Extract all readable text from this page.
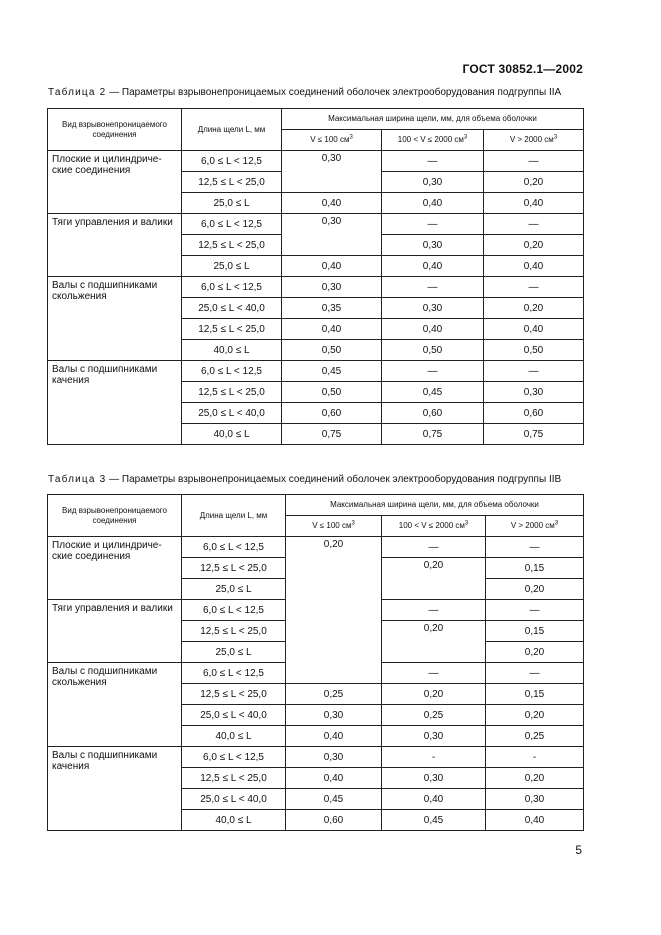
ГОСТ 30852.1—2002
Таблица 2 — Параметры взрывонепроницаемых соединений оболочек электрооборудования подгруппы IIA
Вид взрывонепроницаемого соединения	Длина щели L, мм	Максимальная ширина щели, мм, для объема оболочки		
		V ≤ 100 $см^3$	100 < V ≤ 2000 $см^3$	V > 2000 $см^3$
Плоские и цилиндриче-ские соединения	6,0 ≤ L < 12,5	0,30	—	—
	12,5 ≤ L < 25,0		0,30	0,20
	25,0 ≤ L	0,40	0,40	0,40
Тяги управления и валики	6,0 ≤ L < 12,5	0,30	—	—
	12,5 ≤ L < 25,0		0,30	0,20
	25,0 ≤ L	0,40	0,40	0,40
Валы с подшипниками скольжения	6,0 ≤ L < 12,5	0,30	—	—
	25,0 ≤ L < 40,0	0,35	0,30	0,20
	12,5 ≤ L < 25,0	0,40	0,40	0,40
	40,0 ≤ L	0,50	0,50	0,50
Валы с подшипниками качения	6,0 ≤ L < 12,5	0,45	—	—
	12,5 ≤ L < 25,0	0,50	0,45	0,30
	25,0 ≤ L < 40,0	0,60	0,60	0,60
	40,0 ≤ L	0,75	0,75	0,75
Таблица 3 — Параметры взрывонепроницаемых соединений оболочек электрооборудования подгруппы IIB
Вид взрывонепроницаемого соединения	Длина щели L, мм	Максимальная ширина щели, мм, для объема оболочки		
		V ≤ 100 $см^3$	100 < V ≤ 2000 $см^3$	V > 2000 $см^3$
Плоские и цилиндриче-ские соединения	6,0 ≤ L < 12,5	0,20	—	—
	12,5 ≤ L < 25,0		0,20	0,15
	25,0 ≤ L			0,20
Тяги управления и валики	6,0 ≤ L < 12,5		—	—
	12,5 ≤ L < 25,0		0,20	0,15
	25,0 ≤ L			0,20
Валы с подшипниками скольжения	6,0 ≤ L < 12,5		—	—
	12,5 ≤ L < 25,0	0,25	0,20	0,15
	25,0 ≤ L < 40,0	0,30	0,25	0,20
	40,0 ≤ L	0,40	0,30	0,25
Валы с подшипниками качения	6,0 ≤ L < 12,5	0,30	-	-
	12,5 ≤ L < 25,0	0,40	0,30	0,20
	25,0 ≤ L < 40,0	0,45	0,40	0,30
	40,0 ≤ L	0,60	0,45	0,40
5
